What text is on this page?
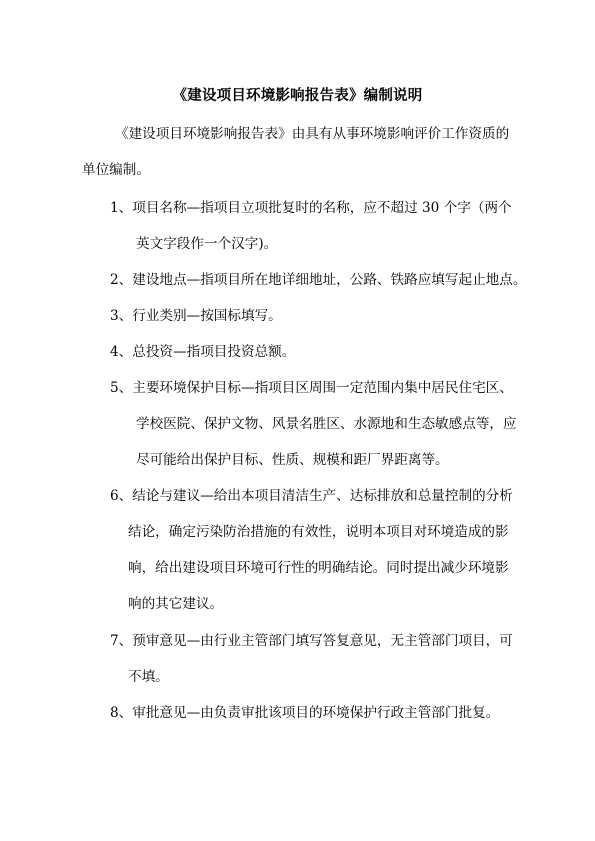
《建设项目环境影响报告表》编制说明
《建设项目环境影响报告表》由具有从事环境影响评价工作资质的
单位编制。
1、项目名称—指项目立项批复时的名称，应不超过 30 个字（两个
英文字段作一个汉字)。
2、建设地点—指项目所在地详细地址，公路、铁路应填写起止地点。
3、行业类别—按国标填写。
4、总投资—指项目投资总额。
5、主要环境保护目标—指项目区周围一定范围内集中居民住宅区、
学校医院、保护文物、风景名胜区、水源地和生态敏感点等，应
尽可能给出保护目标、性质、规模和距厂界距离等。
6、结论与建议—给出本项目清洁生产、达标排放和总量控制的分析
结论，确定污染防治措施的有效性，说明本项目对环境造成的影
响，给出建设项目环境可行性的明确结论。同时提出减少环境影
响的其它建议。
7、预审意见—由行业主管部门填写答复意见，无主管部门项目，可
不填。
8、审批意见—由负责审批该项目的环境保护行政主管部门批复。
